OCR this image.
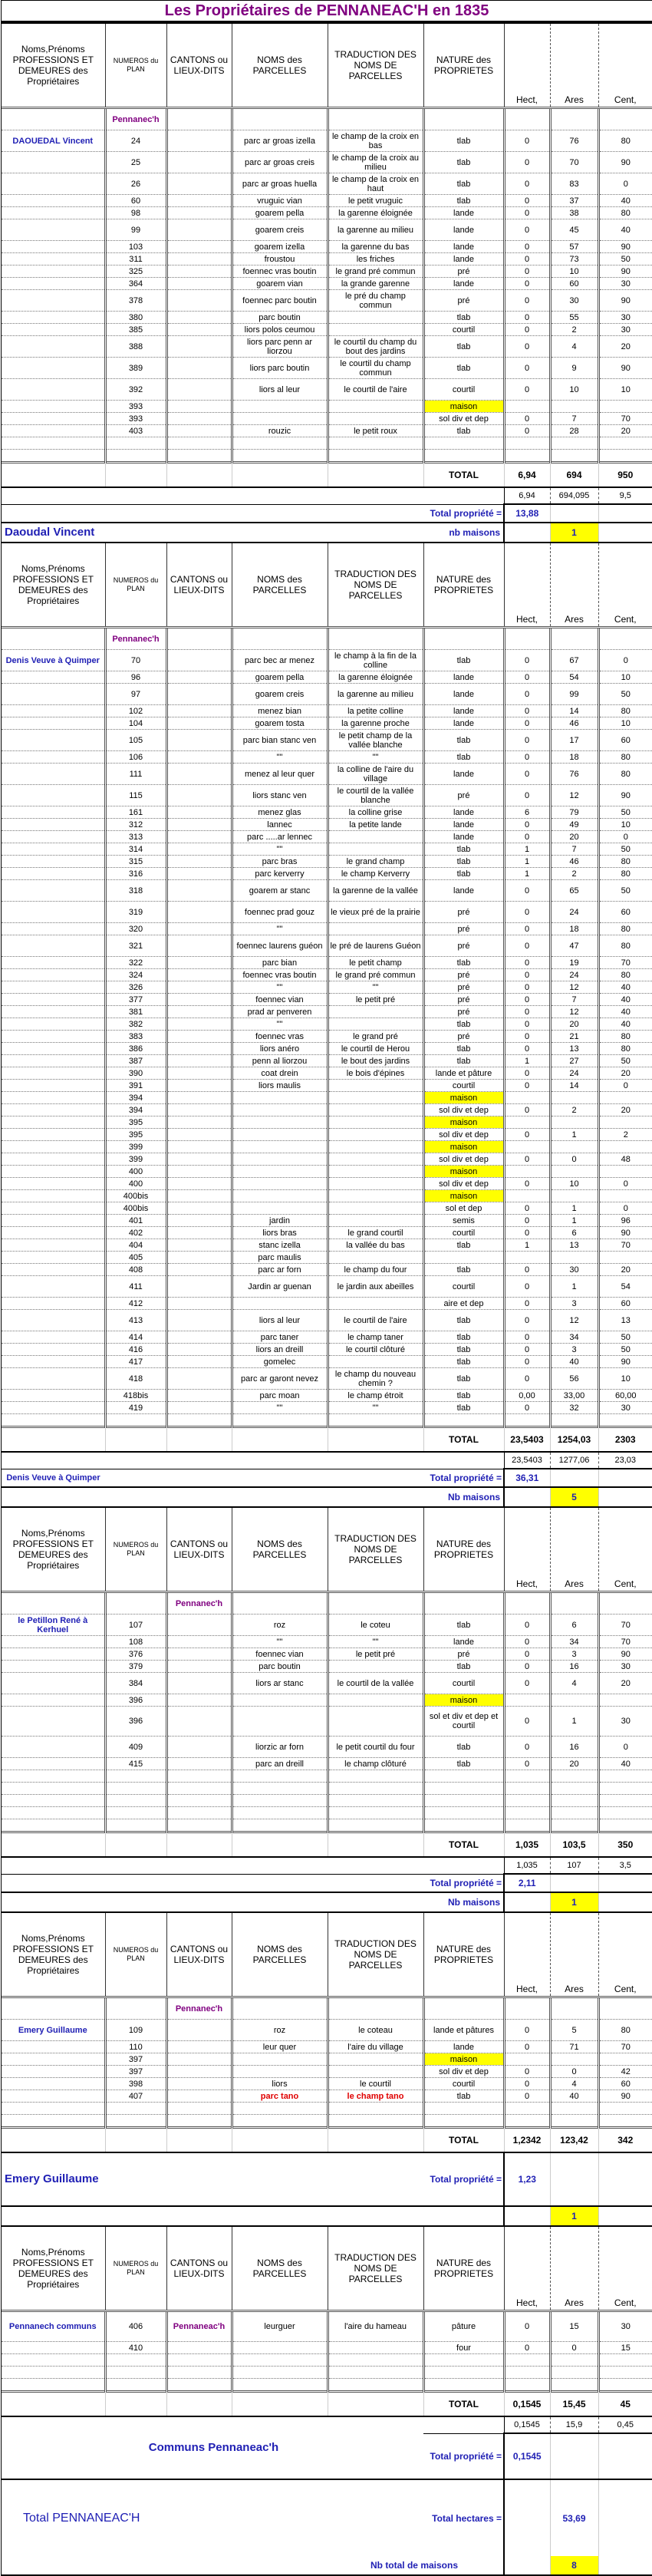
Les Propriétaires de PENNANEAC'H en 1835
Noms,Prénoms PROFESSIONS ET DEMEURES des Propriétaires	NUMEROS du PLAN	CANTONS ou LIEUX-DITS	NOMS des PARCELLES	TRADUCTION DES NOMS DE PARCELLES	NATURE des PROPRIETES	Hect,	Ares	Cent,
	Pennanec'h							
DAOUEDAL Vincent	24		parc ar groas izella	le champ de la croix en bas	tlab	0	76	80
	25		parc ar groas creis	le champ de la croix au milieu	tlab	0	70	90
	26		parc ar groas huella	le champ de la croix en haut	tlab	0	83	0
	60		vruguic vian	le petit vruguic	tlab	0	37	40
	98		goarem pella	la garenne éloignée	lande	0	38	80
	99		goarem creis	la garenne au milieu	lande	0	45	40
	103		goarem izella	la garenne du bas	lande	0	57	90
	311		froustou	les friches	lande	0	73	50
	325		foennec vras boutin	le grand pré commun	pré	0	10	90
	364		goarem vian	la grande garenne	lande	0	60	30
	378		foennec parc boutin	le pré du champ commun	pré	0	30	90
	380		parc boutin		tlab	0	55	30
	385		liors polos ceumou		courtil	0	2	30
	388		liors parc penn ar liorzou	le courtil du champ du bout des jardins	tlab	0	4	20
	389		liors parc boutin	le courtil du champ commun	tlab	0	9	90
	392		liors al leur	le courtil de l'aire	courtil	0	10	10
	393				maison			
	393				sol div et dep	0	7	70
	403		rouzic	le petit roux	tlab	0	28	20

					TOTAL	6,94	694	950
						6,94	694,095	9,5
					Total propriété =	13,88		
Daoudal Vincent					nb maisons		1	
Noms,Prénoms PROFESSIONS ET DEMEURES des Propriétaires	NUMEROS du PLAN	CANTONS ou LIEUX-DITS	NOMS des PARCELLES	TRADUCTION DES NOMS DE PARCELLES	NATURE des PROPRIETES	Hect,	Ares	Cent,
	Pennanec'h							
Denis Veuve à Quimper	70		parc bec ar menez	le champ à la fin de la colline	tlab	0	67	0
	96		goarem pella	la garenne éloignée	lande	0	54	10
	97		goarem creis	la garenne au milieu	lande	0	99	50
	102		menez bian	la petite colline	lande	0	14	80
	104		goarem tosta	la garenne proche	lande	0	46	10
	105		parc bian stanc ven	le petit champ de la vallée blanche	tlab	0	17	60
	106		""	""	tlab	0	18	80
	111		menez al leur quer	la colline de l'aire du village	lande	0	76	80
	115		liors stanc ven	le courtil de la vallée blanche	pré	0	12	90
	161		menez glas	la colline grise	lande	6	79	50
	312		lannec	la petite lande	lande	0	49	10
	313		parc .....ar lennec		lande	0	20	0
	314		""		tlab	1	7	50
	315		parc bras	le grand champ	tlab	1	46	80
	316		parc kerverry	le champ Kerverry	tlab	1	2	80
	318		goarem ar stanc	la garenne de la vallée	lande	0	65	50
	319		foennec prad gouz	le vieux pré de la prairie	pré	0	24	60
	320		""		pré	0	18	80
	321		foennec laurens guéon	le pré de laurens Guéon	pré	0	47	80
	322		parc bian	le petit champ	tlab	0	19	70
	324		foennec vras boutin	le grand pré commun	pré	0	24	80
	326		""	""	pré	0	12	40
	377		foennec vian	le petit pré	pré	0	7	40
	381		prad ar penveren		pré	0	12	40
	382		""		tlab	0	20	40
	383		foennec vras	le grand pré	pré	0	21	80
	386		liors anéro	le courtil de Herou	tlab	0	13	80
	387		penn al liorzou	le bout des jardins	tlab	1	27	50
	390		coat drein	le bois d'épines	lande et pâture	0	24	20
	391		liors maulis		courtil	0	14	0
	394				maison			
	394				sol div et dep	0	2	20
	395				maison			
	395				sol div et dep	0	1	2
	399				maison			
	399				sol div et dep	0	0	48
	400				maison			
	400				sol div et dep	0	10	0
	400bis				maison			
	400bis				sol et dep	0	1	0
	401		jardin		semis	0	1	96
	402		liors bras	le grand courtil	courtil	0	6	90
	404		stanc izella	la vallée du bas	tlab	1	13	70
	405		parc maulis					
	408		parc ar forn	le champ du four	tlab	0	30	20
	411		Jardin ar guenan	le jardin aux abeilles	courtil	0	1	54
	412				aire et dep	0	3	60
	413		liors al leur	le courtil de l'aire	tlab	0	12	13
	414		parc taner	le champ taner	tlab	0	34	50
	416		liors an dreill	le courtil clôturé	tlab	0	3	50
	417		gomelec		tlab	0	40	90
	418		parc ar garont nevez	le champ du nouveau chemin ?	tlab	0	56	10
	418bis		parc moan	le champ étroit	tlab	0,00	33,00	60,00
	419		""	""	tlab	0	32	30

					TOTAL	23,5403	1254,03	2303
						23,5403	1277,06	23,03
Denis Veuve à Quimper					Total propriété =	36,31		
					Nb maisons		5	
Noms,Prénoms PROFESSIONS ET DEMEURES des Propriétaires	NUMEROS du PLAN	CANTONS ou LIEUX-DITS	NOMS des PARCELLES	TRADUCTION DES NOMS DE PARCELLES	NATURE des PROPRIETES	Hect,	Ares	Cent,
		Pennanec'h						
le Petillon René à Kerhuel	107		roz	le coteu	tlab	0	6	70
	108		""	""	lande	0	34	70
	376		foennec vian	le petit pré	pré	0	3	90
	379		parc boutin		tlab	0	16	30
	384		liors ar stanc	le courtil de la vallée	courtil	0	4	20
	396				maison			
	396				sol et div et dep et courtil	0	1	30
	409		liorzic ar forn	le petit courtil du four	tlab	0	16	0
	415		parc an dreill	le champ clôturé	tlab	0	20	40

					TOTAL	1,035	103,5	350
						1,035	107	3,5
					Total propriété =	2,11		
					Nb maisons		1	
Noms,Prénoms PROFESSIONS ET DEMEURES des Propriétaires	NUMEROS du PLAN	CANTONS ou LIEUX-DITS	NOMS des PARCELLES	TRADUCTION DES NOMS DE PARCELLES	NATURE des PROPRIETES	Hect,	Ares	Cent,
		Pennanec'h						
Emery Guillaume	109		roz	le coteau	lande et pâtures	0	5	80
	110		leur quer	l'aire du village	lande	0	71	70
	397				maison			
	397				sol div et dep	0	0	42
	398		liors	le courtil	courtil	0	4	60
	407		parc tano	le champ tano	tlab	0	40	90

					TOTAL	1,2342	123,42	342
Emery Guillaume					Total propriété =	1,23		
							1	
Noms,Prénoms PROFESSIONS ET DEMEURES des Propriétaires	NUMEROS du PLAN	CANTONS ou LIEUX-DITS	NOMS des PARCELLES	TRADUCTION DES NOMS DE PARCELLES	NATURE des PROPRIETES	Hect,	Ares	Cent,
Pennanech communs	406	Pennaneac'h	leurguer	l'aire du hameau	pâture	0	15	30
	410				four	0	0	15

					TOTAL	0,1545	15,45	45
Communs Pennaneac'h						0,1545	15,9	0,45
					Total propriété =	0,1545		
Total PENNANEAC'H					Total hectares =		53,69	
				Nb total de maisons			8	
